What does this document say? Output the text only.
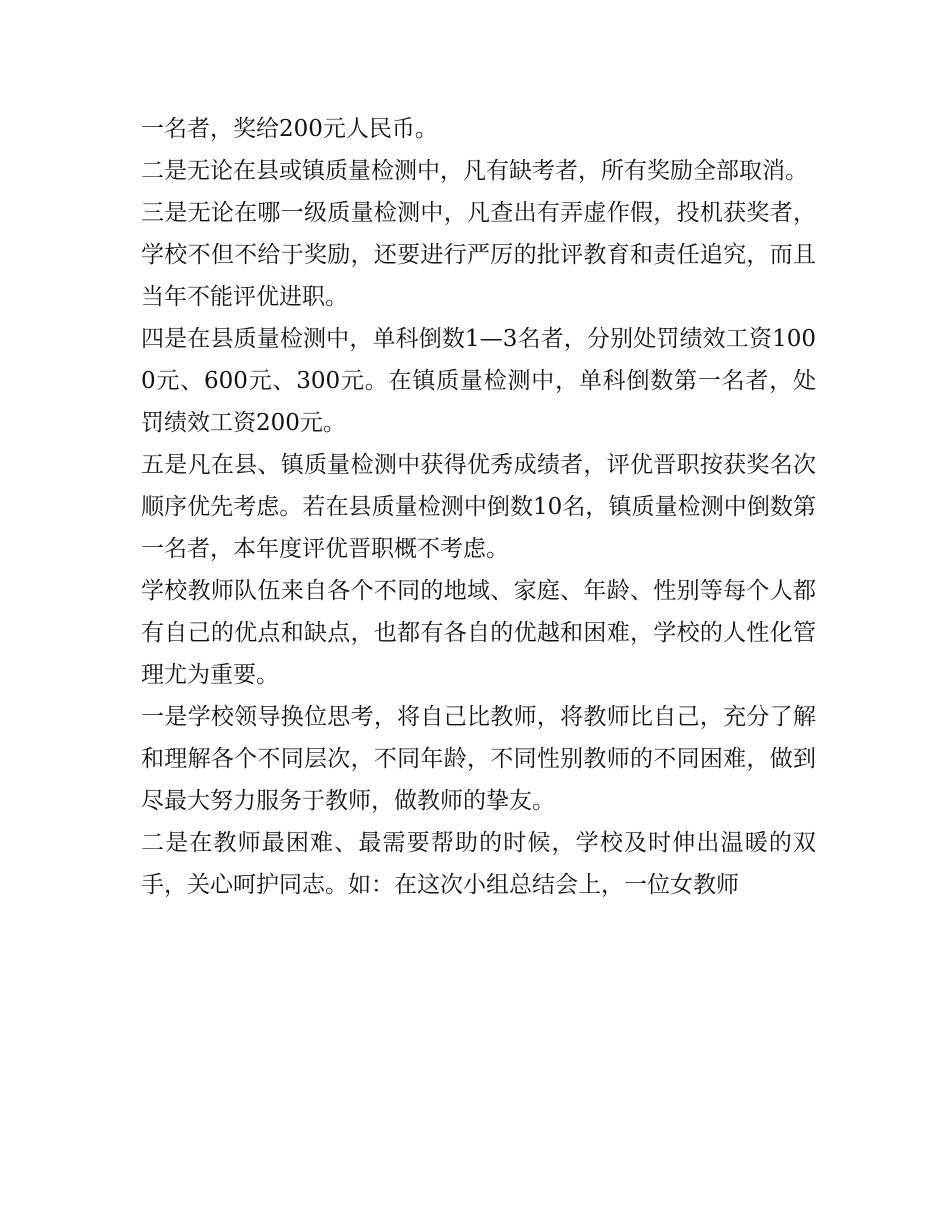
一名者，奖给200元人民币。

二是无论在县或镇质量检测中，凡有缺考者，所有奖励全部取消。

三是无论在哪一级质量检测中，凡查出有弄虚作假，投机获奖者，学校不但不给于奖励，还要进行严厉的批评教育和责任追究，而且当年不能评优进职。

四是在县质量检测中，单科倒数1—3名者，分别处罚绩效工资1000元、600元、300元。在镇质量检测中，单科倒数第一名者，处罚绩效工资200元。

五是凡在县、镇质量检测中获得优秀成绩者，评优晋职按获奖名次顺序优先考虑。若在县质量检测中倒数10名，镇质量检测中倒数第一名者，本年度评优晋职概不考虑。

学校教师队伍来自各个不同的地域、家庭、年龄、性别等每个人都有自己的优点和缺点，也都有各自的优越和困难，学校的人性化管理尤为重要。

一是学校领导换位思考，将自己比教师，将教师比自己，充分了解和理解各个不同层次，不同年龄，不同性别教师的不同困难，做到尽最大努力服务于教师，做教师的挚友。

二是在教师最困难、最需要帮助的时候，学校及时伸出温暖的双手，关心呵护同志。如：在这次小组总结会上，一位女教师
